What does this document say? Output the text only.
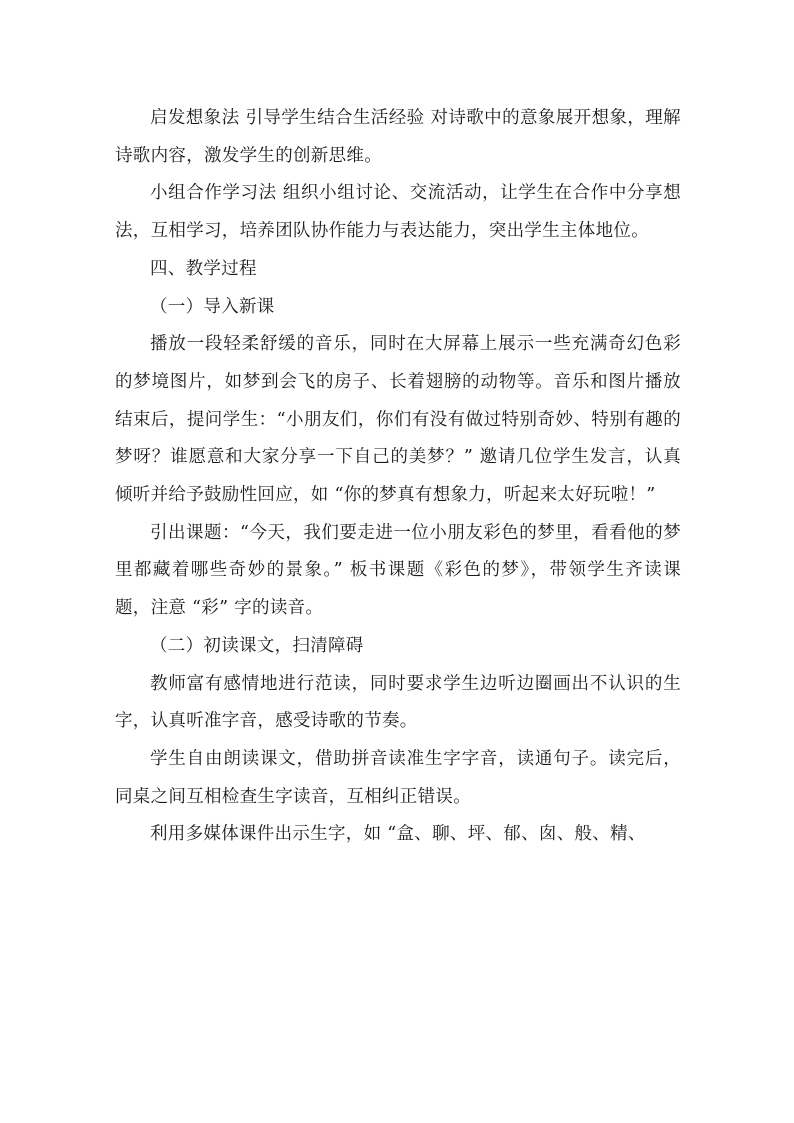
启发想象法 引导学生结合生活经验 对诗歌中的意象展开想象，理解诗歌内容，激发学生的创新思维。

小组合作学习法 组织小组讨论、交流活动，让学生在合作中分享想法，互相学习，培养团队协作能力与表达能力，突出学生主体地位。

四、教学过程

（一）导入新课

播放一段轻柔舒缓的音乐，同时在大屏幕上展示一些充满奇幻色彩的梦境图片，如梦到会飞的房子、长着翅膀的动物等。音乐和图片播放结束后，提问学生：“小朋友们，你们有没有做过特别奇妙、特别有趣的梦呀？谁愿意和大家分享一下自己的美梦？” 邀请几位学生发言，认真倾听并给予鼓励性回应，如 “你的梦真有想象力，听起来太好玩啦！”

引出课题：“今天，我们要走进一位小朋友彩色的梦里，看看他的梦里都藏着哪些奇妙的景象。” 板书课题《彩色的梦》，带领学生齐读课题，注意 “彩” 字的读音。

（二）初读课文，扫清障碍

教师富有感情地进行范读，同时要求学生边听边圈画出不认识的生字，认真听准字音，感受诗歌的节奏。

学生自由朗读课文，借助拼音读准生字字音，读通句子。读完后，同桌之间互相检查生字读音，互相纠正错误。

利用多媒体课件出示生字，如 “盒、聊、坪、郁、囱、般、精、
